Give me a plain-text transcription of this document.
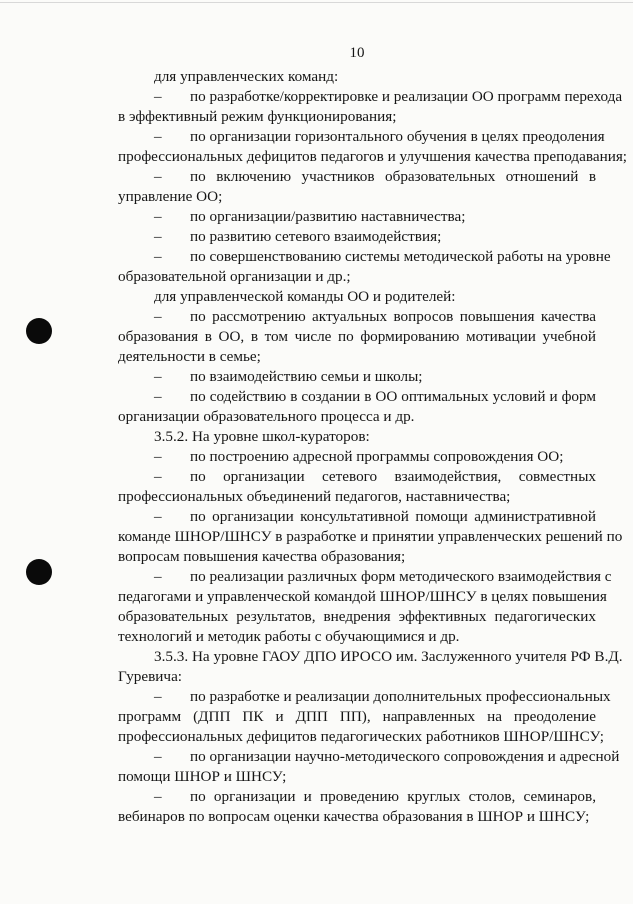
10
для управленческих команд:
– по разработке/корректировке и реализации ОО программ перехода
в эффективный режим функционирования;
– по организации горизонтального обучения в целях преодоления
профессиональных дефицитов педагогов и улучшения качества преподавания;
– по включению участников образовательных отношений в
управление ОО;
– по организации/развитию наставничества;
– по развитию сетевого взаимодействия;
– по совершенствованию системы методической работы на уровне
образовательной организации и др.;
для управленческой команды ОО и родителей:
– по рассмотрению актуальных вопросов повышения качества
образования в ОО, в том числе по формированию мотивации учебной
деятельности в семье;
– по взаимодействию семьи и школы;
– по содействию в создании в ОО оптимальных условий и форм
организации образовательного процесса и др.
3.5.2. На уровне школ-кураторов:
– по построению адресной программы сопровождения ОО;
– по организации сетевого взаимодействия, совместных
профессиональных объединений педагогов, наставничества;
– по организации консультативной помощи административной
команде ШНОР/ШНСУ в разработке и принятии управленческих решений по
вопросам повышения качества образования;
– по реализации различных форм методического взаимодействия с
педагогами и управленческой командой ШНОР/ШНСУ в целях повышения
образовательных результатов, внедрения эффективных педагогических
технологий и методик работы с обучающимися и др.
3.5.3. На уровне ГАОУ ДПО ИРОСО им. Заслуженного учителя РФ В.Д.
Гуревича:
– по разработке и реализации дополнительных профессиональных
программ (ДПП ПК и ДПП ПП), направленных на преодоление
профессиональных дефицитов педагогических работников ШНОР/ШНСУ;
– по организации научно-методического сопровождения и адресной
помощи ШНОР и ШНСУ;
– по организации и проведению круглых столов, семинаров,
вебинаров по вопросам оценки качества образования в ШНОР и ШНСУ;
